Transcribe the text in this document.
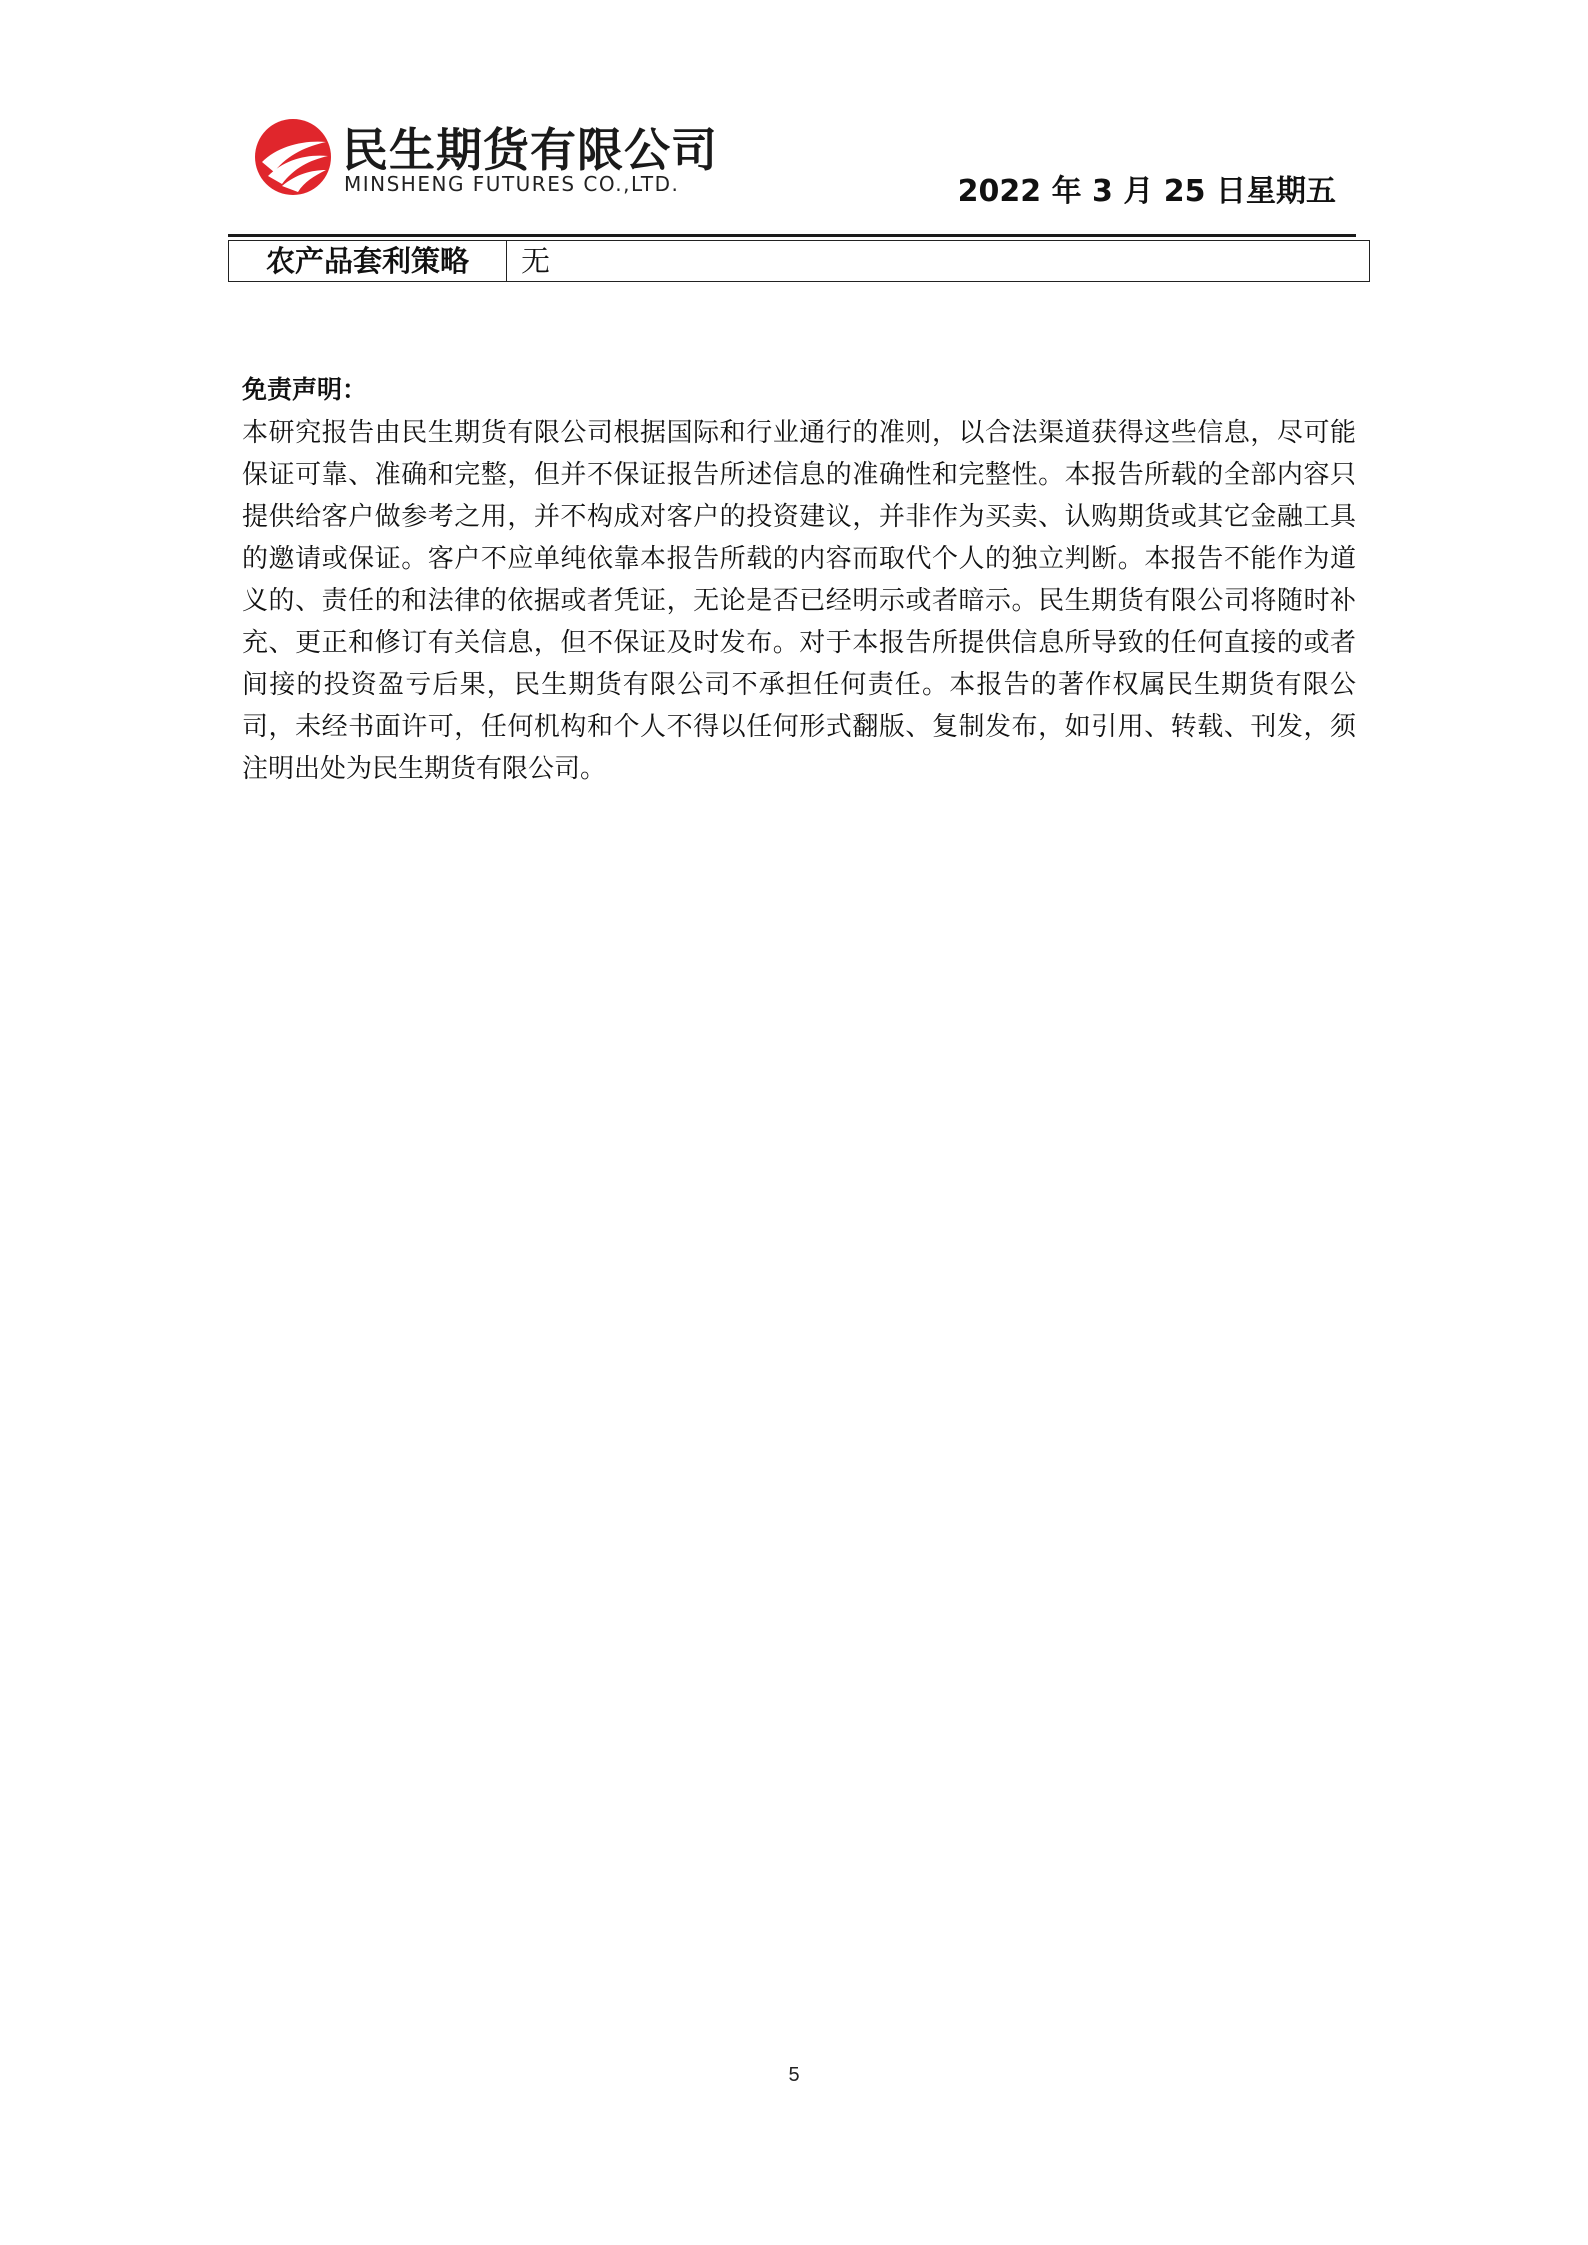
民生期货有限公司
MINSHENG FUTURES CO.,LTD.	2022 年 3 月 25 日星期五
农产品套利策略	无
免责声明：
本研究报告由民生期货有限公司根据国际和行业通行的准则，以合法渠道获得这些信息，尽可能保证可靠、准确和完整，但并不保证报告所述信息的准确性和完整性。本报告所载的全部内容只提供给客户做参考之用，并不构成对客户的投资建议，并非作为买卖、认购期货或其它金融工具的邀请或保证。客户不应单纯依靠本报告所载的内容而取代个人的独立判断。本报告不能作为道义的、责任的和法律的依据或者凭证，无论是否已经明示或者暗示。民生期货有限公司将随时补充、更正和修订有关信息，但不保证及时发布。对于本报告所提供信息所导致的任何直接的或者间接的投资盈亏后果，民生期货有限公司不承担任何责任。本报告的著作权属民生期货有限公司，未经书面许可，任何机构和个人不得以任何形式翻版、复制发布，如引用、转载、刊发，须注明出处为民生期货有限公司。
5
